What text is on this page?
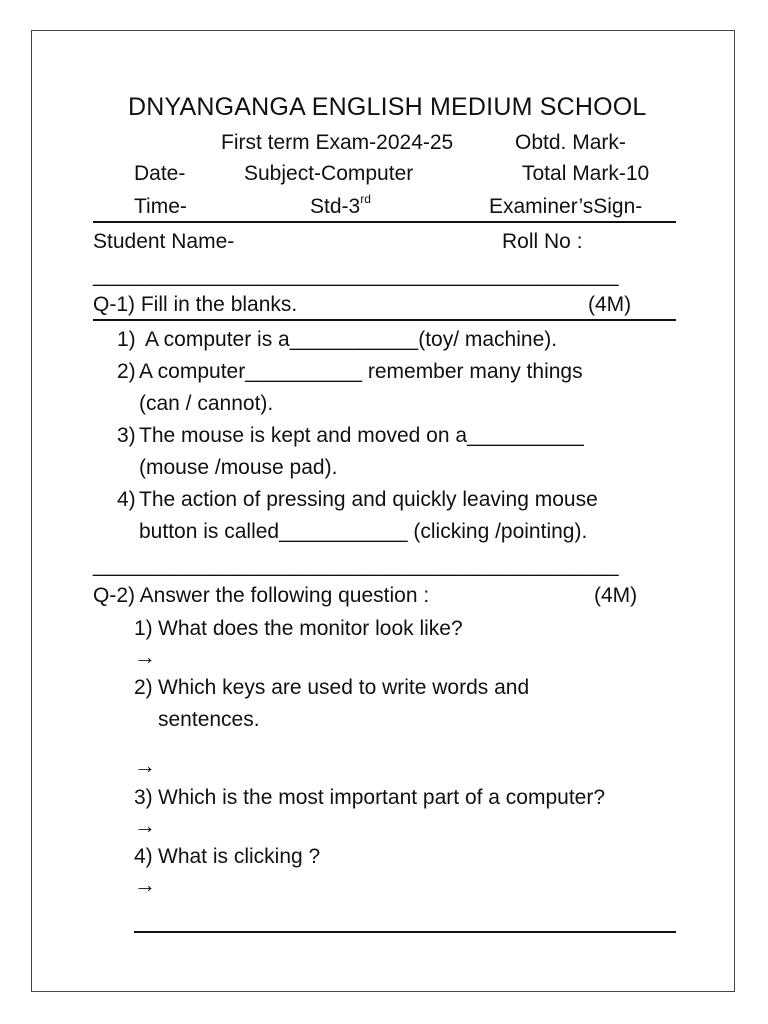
DNYANGANGA ENGLISH MEDIUM SCHOOL
First term Exam-2024-25	Obtd. Mark-
Date-	Subject-Computer	Total Mark-10
Time-	Std-3rd	Examiner’sSign-
Student Name-	Roll No :
_____________________________________________
Q-1) Fill in the blanks.	(4M)
1) A computer is a___________(toy/ machine).
2) A computer__________ remember many things
(can / cannot).
3) The mouse is kept and moved on a__________
(mouse /mouse pad).
4) The action of pressing and quickly leaving mouse
button is called___________ (clicking /pointing).
_____________________________________________
Q-2) Answer the following question :	(4M)
1) What does the monitor look like?
→
2) Which keys are used to write words and
sentences.
→
3) Which is the most important part of a computer?
→
4) What is clicking ?
→
